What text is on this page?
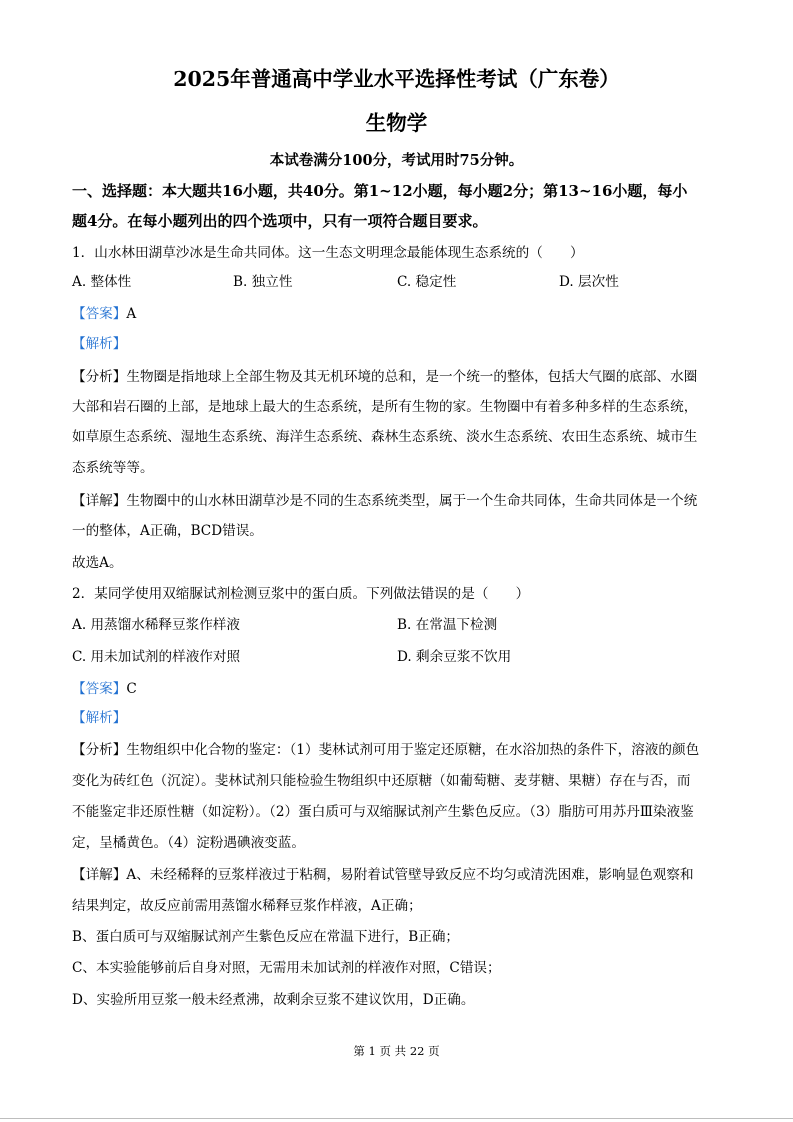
2025年普通高中学业水平选择性考试（广东卷）
生物学
本试卷满分100分，考试用时75分钟。
一、选择题：本大题共16小题，共40分。第1~12小题，每小题2分；第13~16小题，每小
题4分。在每小题列出的四个选项中，只有一项符合题目要求。
1．山水林田湖草沙冰是生命共同体。这一生态文明理念最能体现生态系统的（　　）
A. 整体性	B. 独立性	C. 稳定性	D. 层次性
【答案】A
【解析】
【分析】生物圈是指地球上全部生物及其无机环境的总和，是一个统一的整体，包括大气圈的底部、水圈
大部和岩石圈的上部，是地球上最大的生态系统，是所有生物的家。生物圈中有着多种多样的生态系统，
如草原生态系统、湿地生态系统、海洋生态系统、森林生态系统、淡水生态系统、农田生态系统、城市生
态系统等等。
【详解】生物圈中的山水林田湖草沙是不同的生态系统类型，属于一个生命共同体，生命共同体是一个统
一的整体，A正确，BCD错误。
故选A。
2．某同学使用双缩脲试剂检测豆浆中的蛋白质。下列做法错误的是（　　）
A. 用蒸馏水稀释豆浆作样液	B. 在常温下检测
C. 用未加试剂的样液作对照	D. 剩余豆浆不饮用
【答案】C
【解析】
【分析】生物组织中化合物的鉴定：（1）斐林试剂可用于鉴定还原糖，在水浴加热的条件下，溶液的颜色
变化为砖红色（沉淀）。斐林试剂只能检验生物组织中还原糖（如葡萄糖、麦芽糖、果糖）存在与否，而
不能鉴定非还原性糖（如淀粉）。（2）蛋白质可与双缩脲试剂产生紫色反应。（3）脂肪可用苏丹Ⅲ染液鉴
定，呈橘黄色。（4）淀粉遇碘液变蓝。
【详解】A、未经稀释的豆浆样液过于粘稠，易附着试管壁导致反应不均匀或清洗困难，影响显色观察和
结果判定，故反应前需用蒸馏水稀释豆浆作样液，A正确；
B、蛋白质可与双缩脲试剂产生紫色反应在常温下进行，B正确；
C、本实验能够前后自身对照，无需用未加试剂的样液作对照，C错误；
D、实验所用豆浆一般未经煮沸，故剩余豆浆不建议饮用，D正确。
第 1 页 共 22 页
